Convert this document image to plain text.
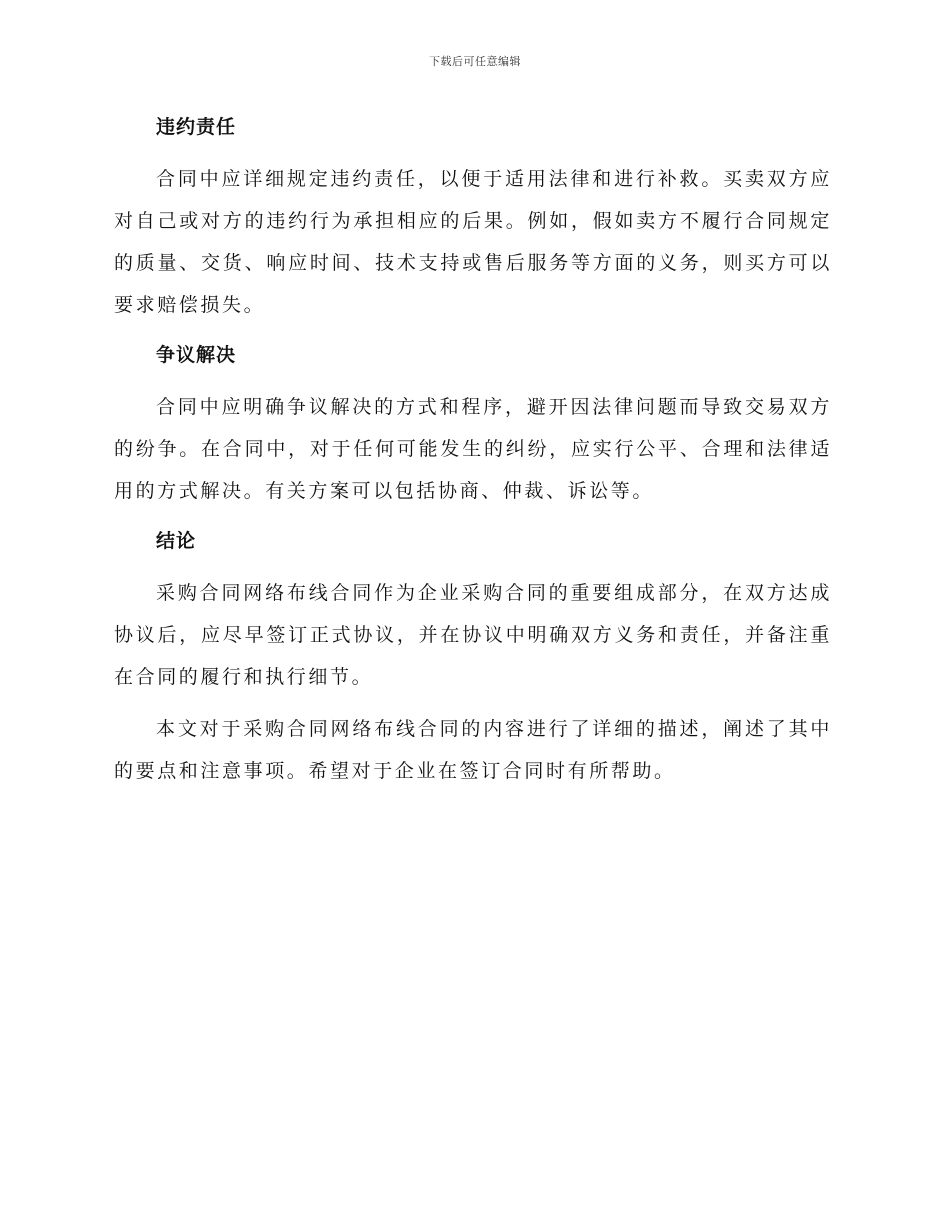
下载后可任意编辑
违约责任

合同中应详细规定违约责任，以便于适用法律和进行补救。买卖双方应对自己或对方的违约行为承担相应的后果。例如，假如卖方不履行合同规定的质量、交货、响应时间、技术支持或售后服务等方面的义务，则买方可以要求赔偿损失。

争议解决

合同中应明确争议解决的方式和程序，避开因法律问题而导致交易双方的纷争。在合同中，对于任何可能发生的纠纷，应实行公平、合理和法律适用的方式解决。有关方案可以包括协商、仲裁、诉讼等。

结论

采购合同网络布线合同作为企业采购合同的重要组成部分，在双方达成协议后，应尽早签订正式协议，并在协议中明确双方义务和责任，并备注重在合同的履行和执行细节。

本文对于采购合同网络布线合同的内容进行了详细的描述，阐述了其中的要点和注意事项。希望对于企业在签订合同时有所帮助。
